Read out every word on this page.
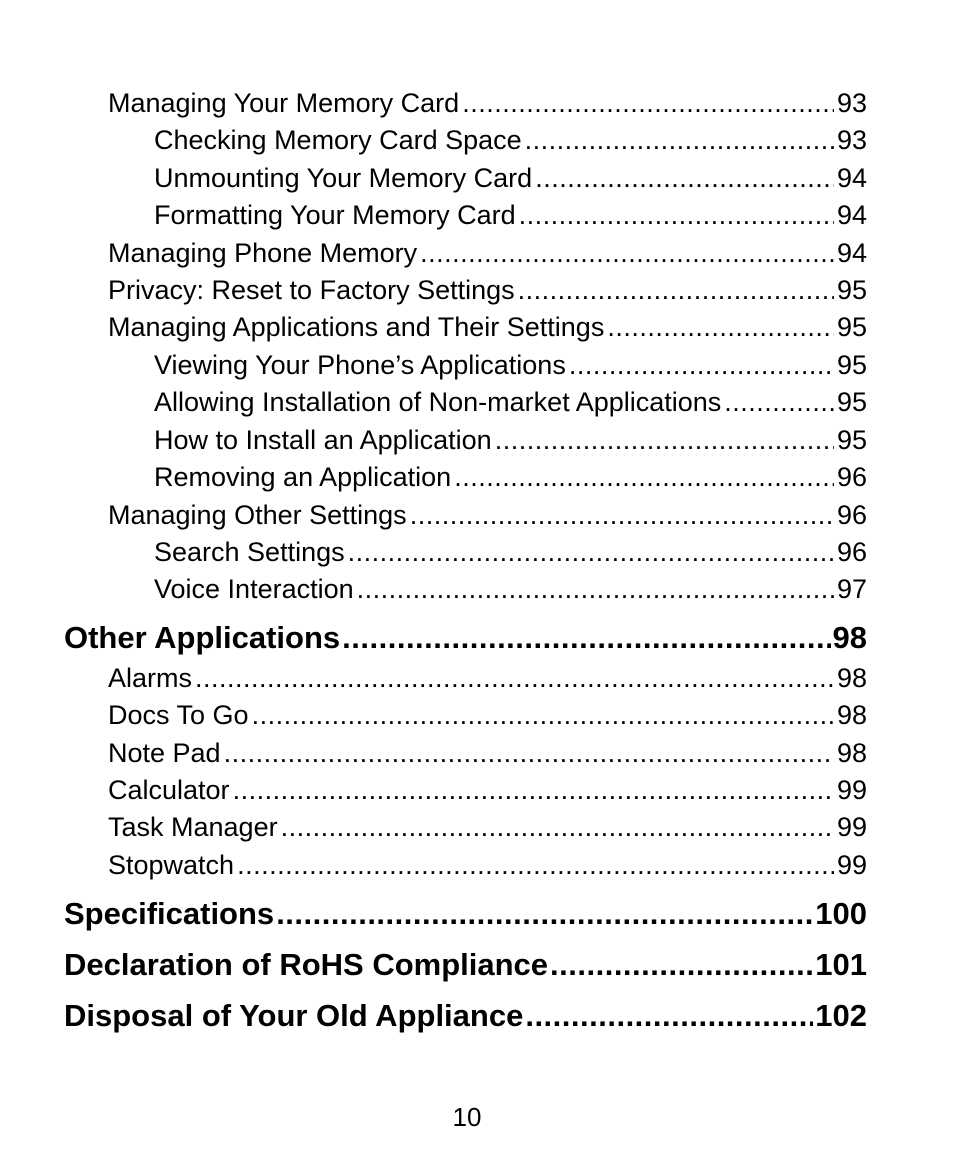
Managing Your Memory Card .....	93
Checking Memory Card Space .....	93
Unmounting Your Memory Card .....	94
Formatting Your Memory Card .....	94
Managing Phone Memory .....	94
Privacy: Reset to Factory Settings .....	95
Managing Applications and Their Settings .....	95
Viewing Your Phone’s Applications .....	95
Allowing Installation of Non-market Applications .....	95
How to Install an Application .....	95
Removing an Application .....	96
Managing Other Settings .....	96
Search Settings .....	96
Voice Interaction .....	97
Other Applications .....	98
Alarms .....	98
Docs To Go .....	98
Note Pad .....	98
Calculator .....	99
Task Manager .....	99
Stopwatch .....	99
Specifications .....	100
Declaration of RoHS Compliance .....	101
Disposal of Your Old Appliance .....	102
10
